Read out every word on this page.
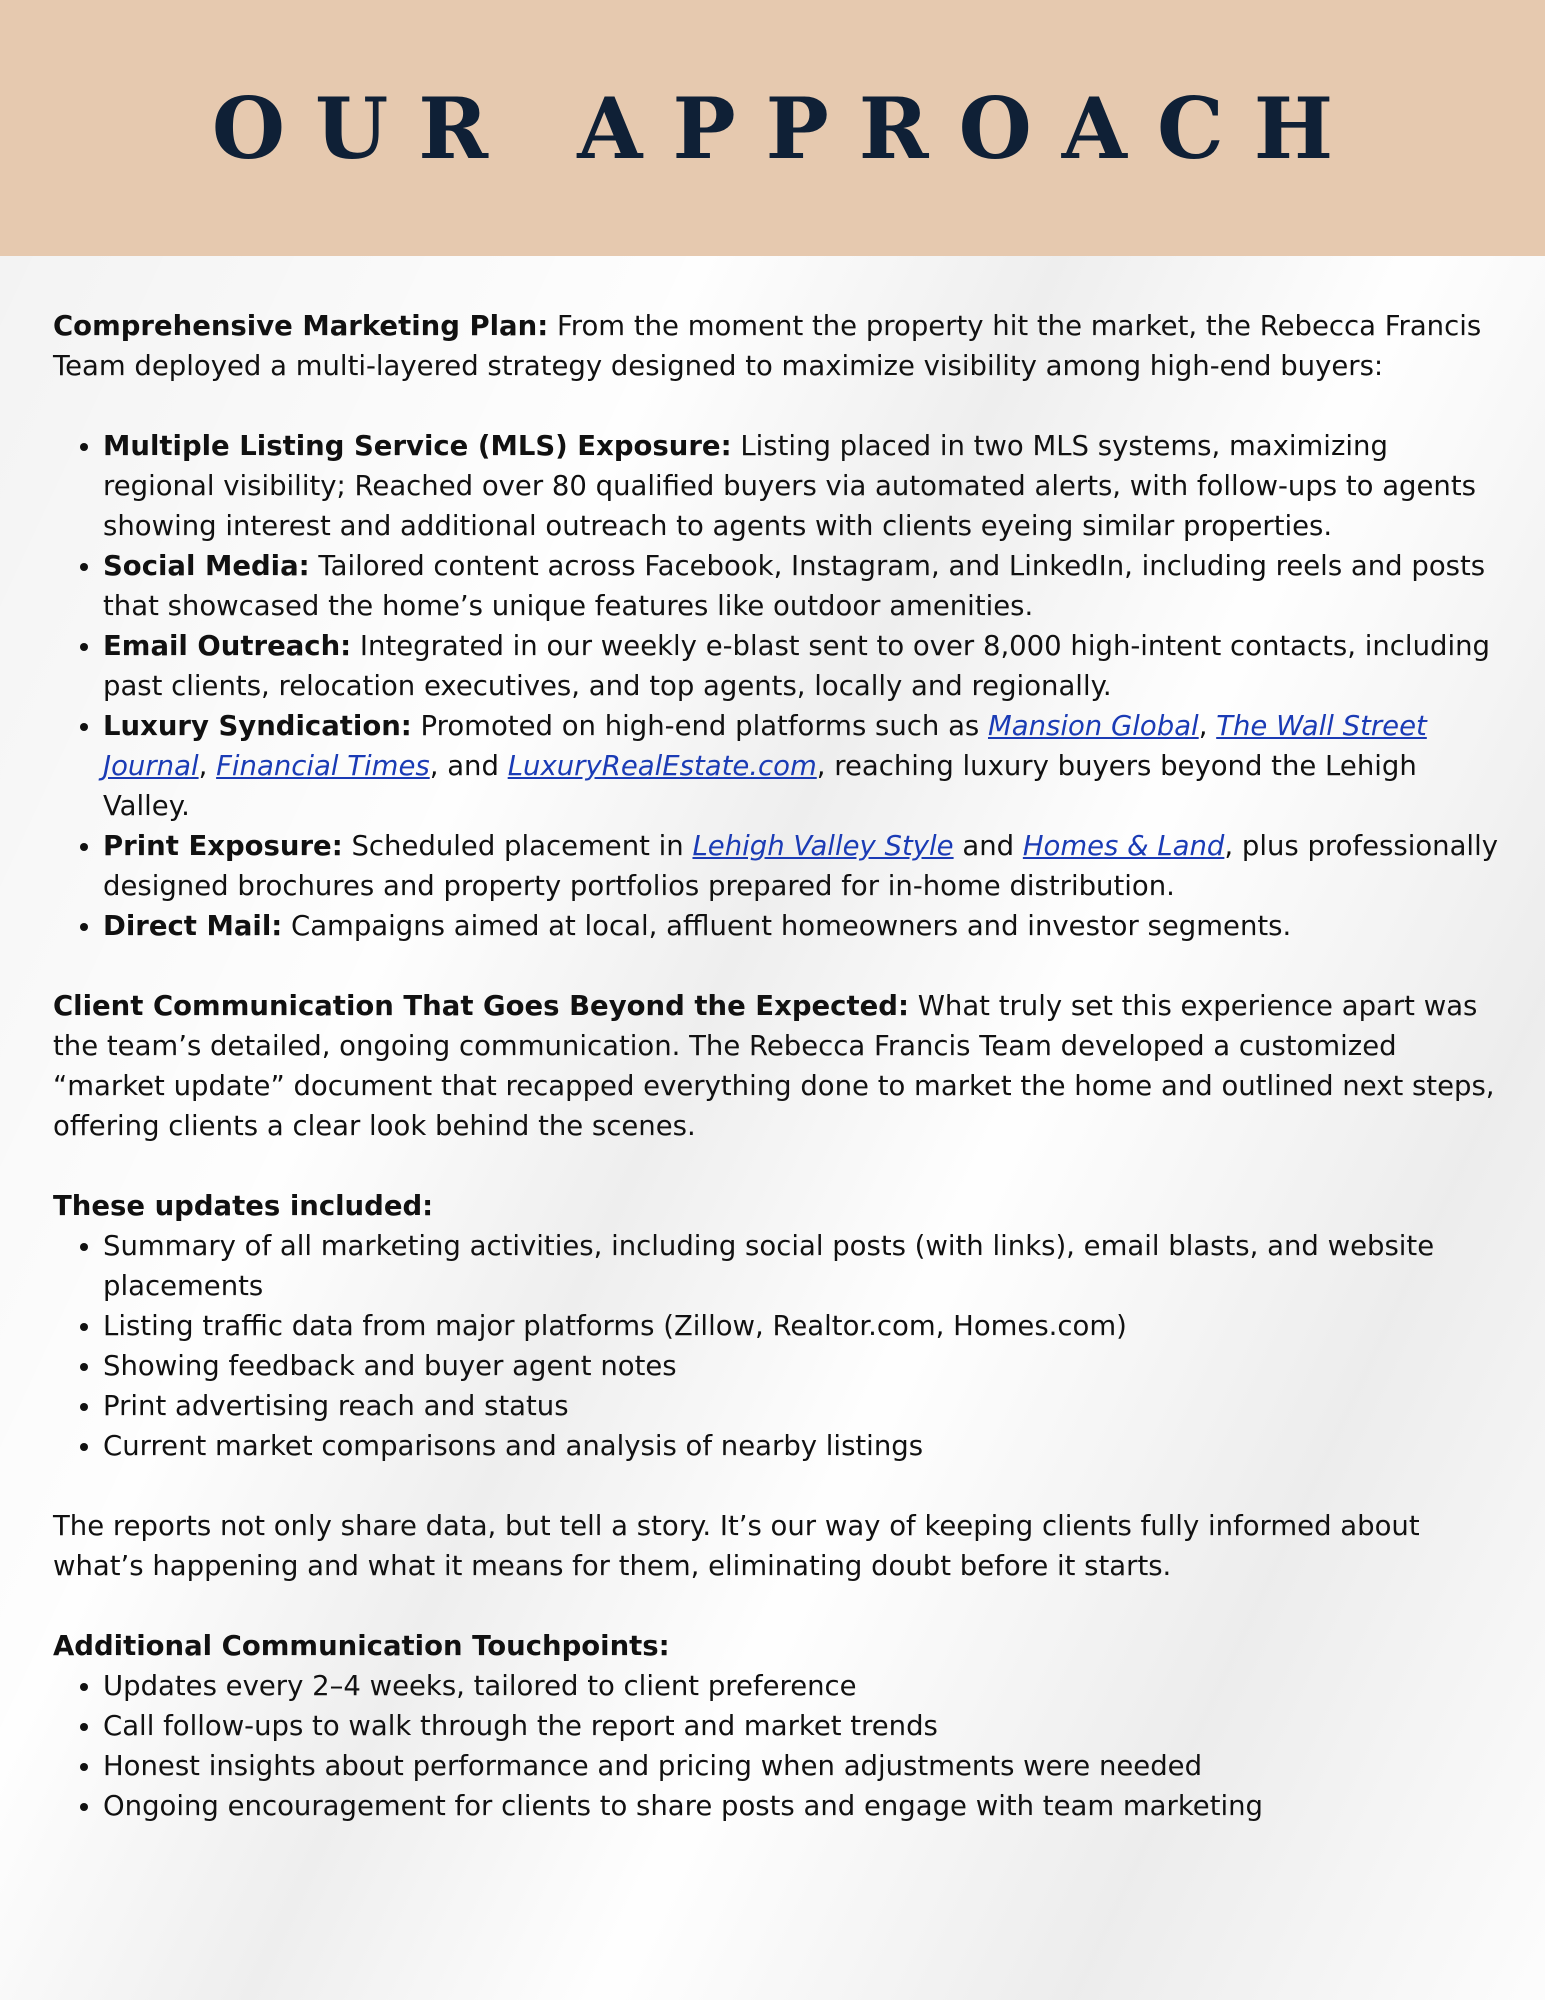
OUR APPROACH

Comprehensive Marketing Plan: From the moment the property hit the market, the Rebecca Francis Team deployed a multi-layered strategy designed to maximize visibility among high-end buyers:

• Multiple Listing Service (MLS) Exposure: Listing placed in two MLS systems, maximizing regional visibility; Reached over 80 qualified buyers via automated alerts, with follow-ups to agents showing interest and additional outreach to agents with clients eyeing similar properties.
• Social Media: Tailored content across Facebook, Instagram, and LinkedIn, including reels and posts that showcased the home’s unique features like outdoor amenities.
• Email Outreach: Integrated in our weekly e-blast sent to over 8,000 high-intent contacts, including past clients, relocation executives, and top agents, locally and regionally.
• Luxury Syndication: Promoted on high-end platforms such as Mansion Global, The Wall Street Journal, Financial Times, and LuxuryRealEstate.com, reaching luxury buyers beyond the Lehigh Valley.
• Print Exposure: Scheduled placement in Lehigh Valley Style and Homes & Land, plus professionally designed brochures and property portfolios prepared for in-home distribution.
• Direct Mail: Campaigns aimed at local, affluent homeowners and investor segments.

Client Communication That Goes Beyond the Expected: What truly set this experience apart was the team’s detailed, ongoing communication. The Rebecca Francis Team developed a customized “market update” document that recapped everything done to market the home and outlined next steps, offering clients a clear look behind the scenes.

These updates included:

• Summary of all marketing activities, including social posts (with links), email blasts, and website placements
• Listing traffic data from major platforms (Zillow, Realtor.com, Homes.com)
• Showing feedback and buyer agent notes
• Print advertising reach and status
• Current market comparisons and analysis of nearby listings

The reports not only share data, but tell a story. It’s our way of keeping clients fully informed about what’s happening and what it means for them, eliminating doubt before it starts.

Additional Communication Touchpoints:

• Updates every 2–4 weeks, tailored to client preference
• Call follow-ups to walk through the report and market trends
• Honest insights about performance and pricing when adjustments were needed
• Ongoing encouragement for clients to share posts and engage with team marketing
